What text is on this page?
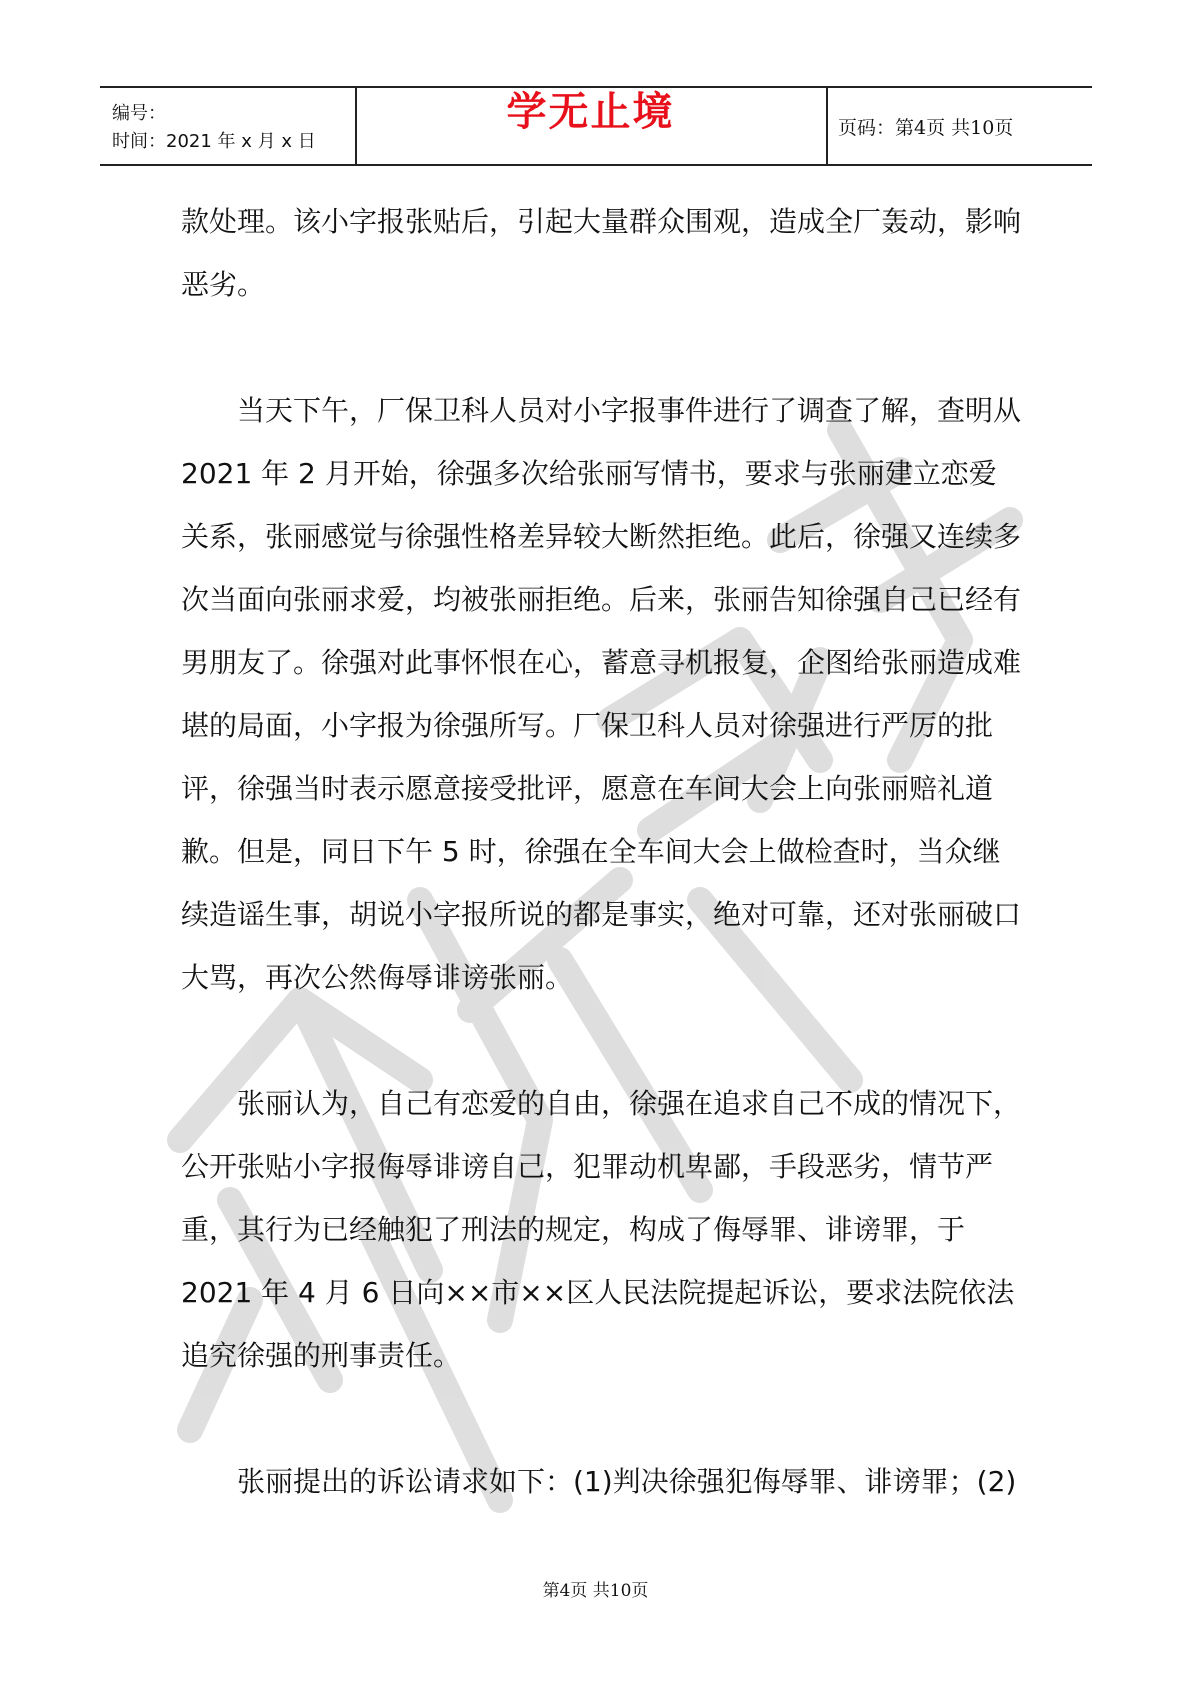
编号：
时间：2021 年 x 月 x 日
学无止境	页码：第4页 共10页

款处理。该小字报张贴后，引起大量群众围观，造成全厂轰动，影响恶劣。

当天下午，厂保卫科人员对小字报事件进行了调查了解，查明从 2021 年 2 月开始，徐强多次给张丽写情书，要求与张丽建立恋爱关系，张丽感觉与徐强性格差异较大断然拒绝。此后，徐强又连续多次当面向张丽求爱，均被张丽拒绝。后来，张丽告知徐强自己已经有男朋友了。徐强对此事怀恨在心，蓄意寻机报复，企图给张丽造成难堪的局面，小字报为徐强所写。厂保卫科人员对徐强进行严厉的批评，徐强当时表示愿意接受批评，愿意在车间大会上向张丽赔礼道歉。但是，同日下午 5 时，徐强在全车间大会上做检查时，当众继续造谣生事，胡说小字报所说的都是事实，绝对可靠，还对张丽破口大骂，再次公然侮辱诽谤张丽。

张丽认为，自己有恋爱的自由，徐强在追求自己不成的情况下，公开张贴小字报侮辱诽谤自己，犯罪动机卑鄙，手段恶劣，情节严重，其行为已经触犯了刑法的规定，构成了侮辱罪、诽谤罪，于 2021 年 4 月 6 日向××市××区人民法院提起诉讼，要求法院依法追究徐强的刑事责任。

张丽提出的诉讼请求如下：(1)判决徐强犯侮辱罪、诽谤罪；(2)

第4页 共10页
